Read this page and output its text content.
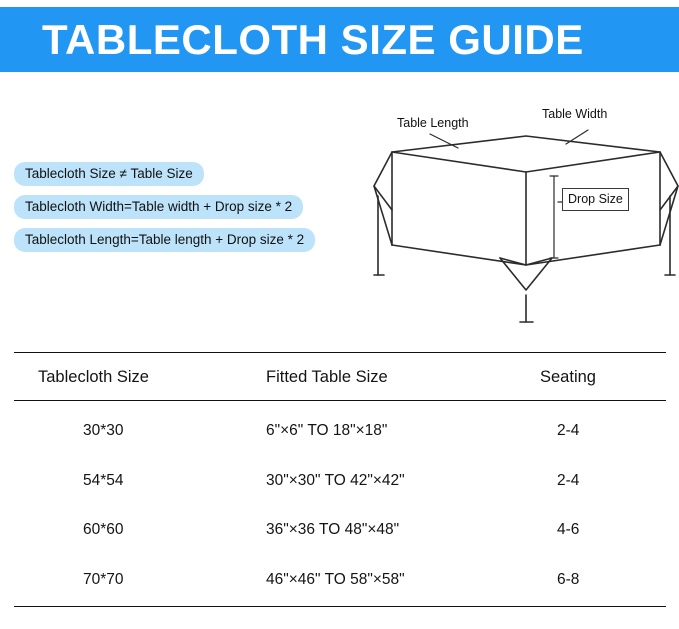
TABLECLOTH SIZE GUIDE
Tablecloth Size ≠ Table Size
Tablecloth Width=Table width + Drop size * 2
Tablecloth Length=Table length + Drop size * 2
Table Length
Table Width
Drop Size
Tablecloth Size	Fitted Table Size	Seating
30*30	6"×6" TO 18"×18"	2-4
54*54	30"×30" TO 42"×42"	2-4
60*60	36"×36 TO 48"×48"	4-6
70*70	46"×46" TO 58"×58"	6-8
